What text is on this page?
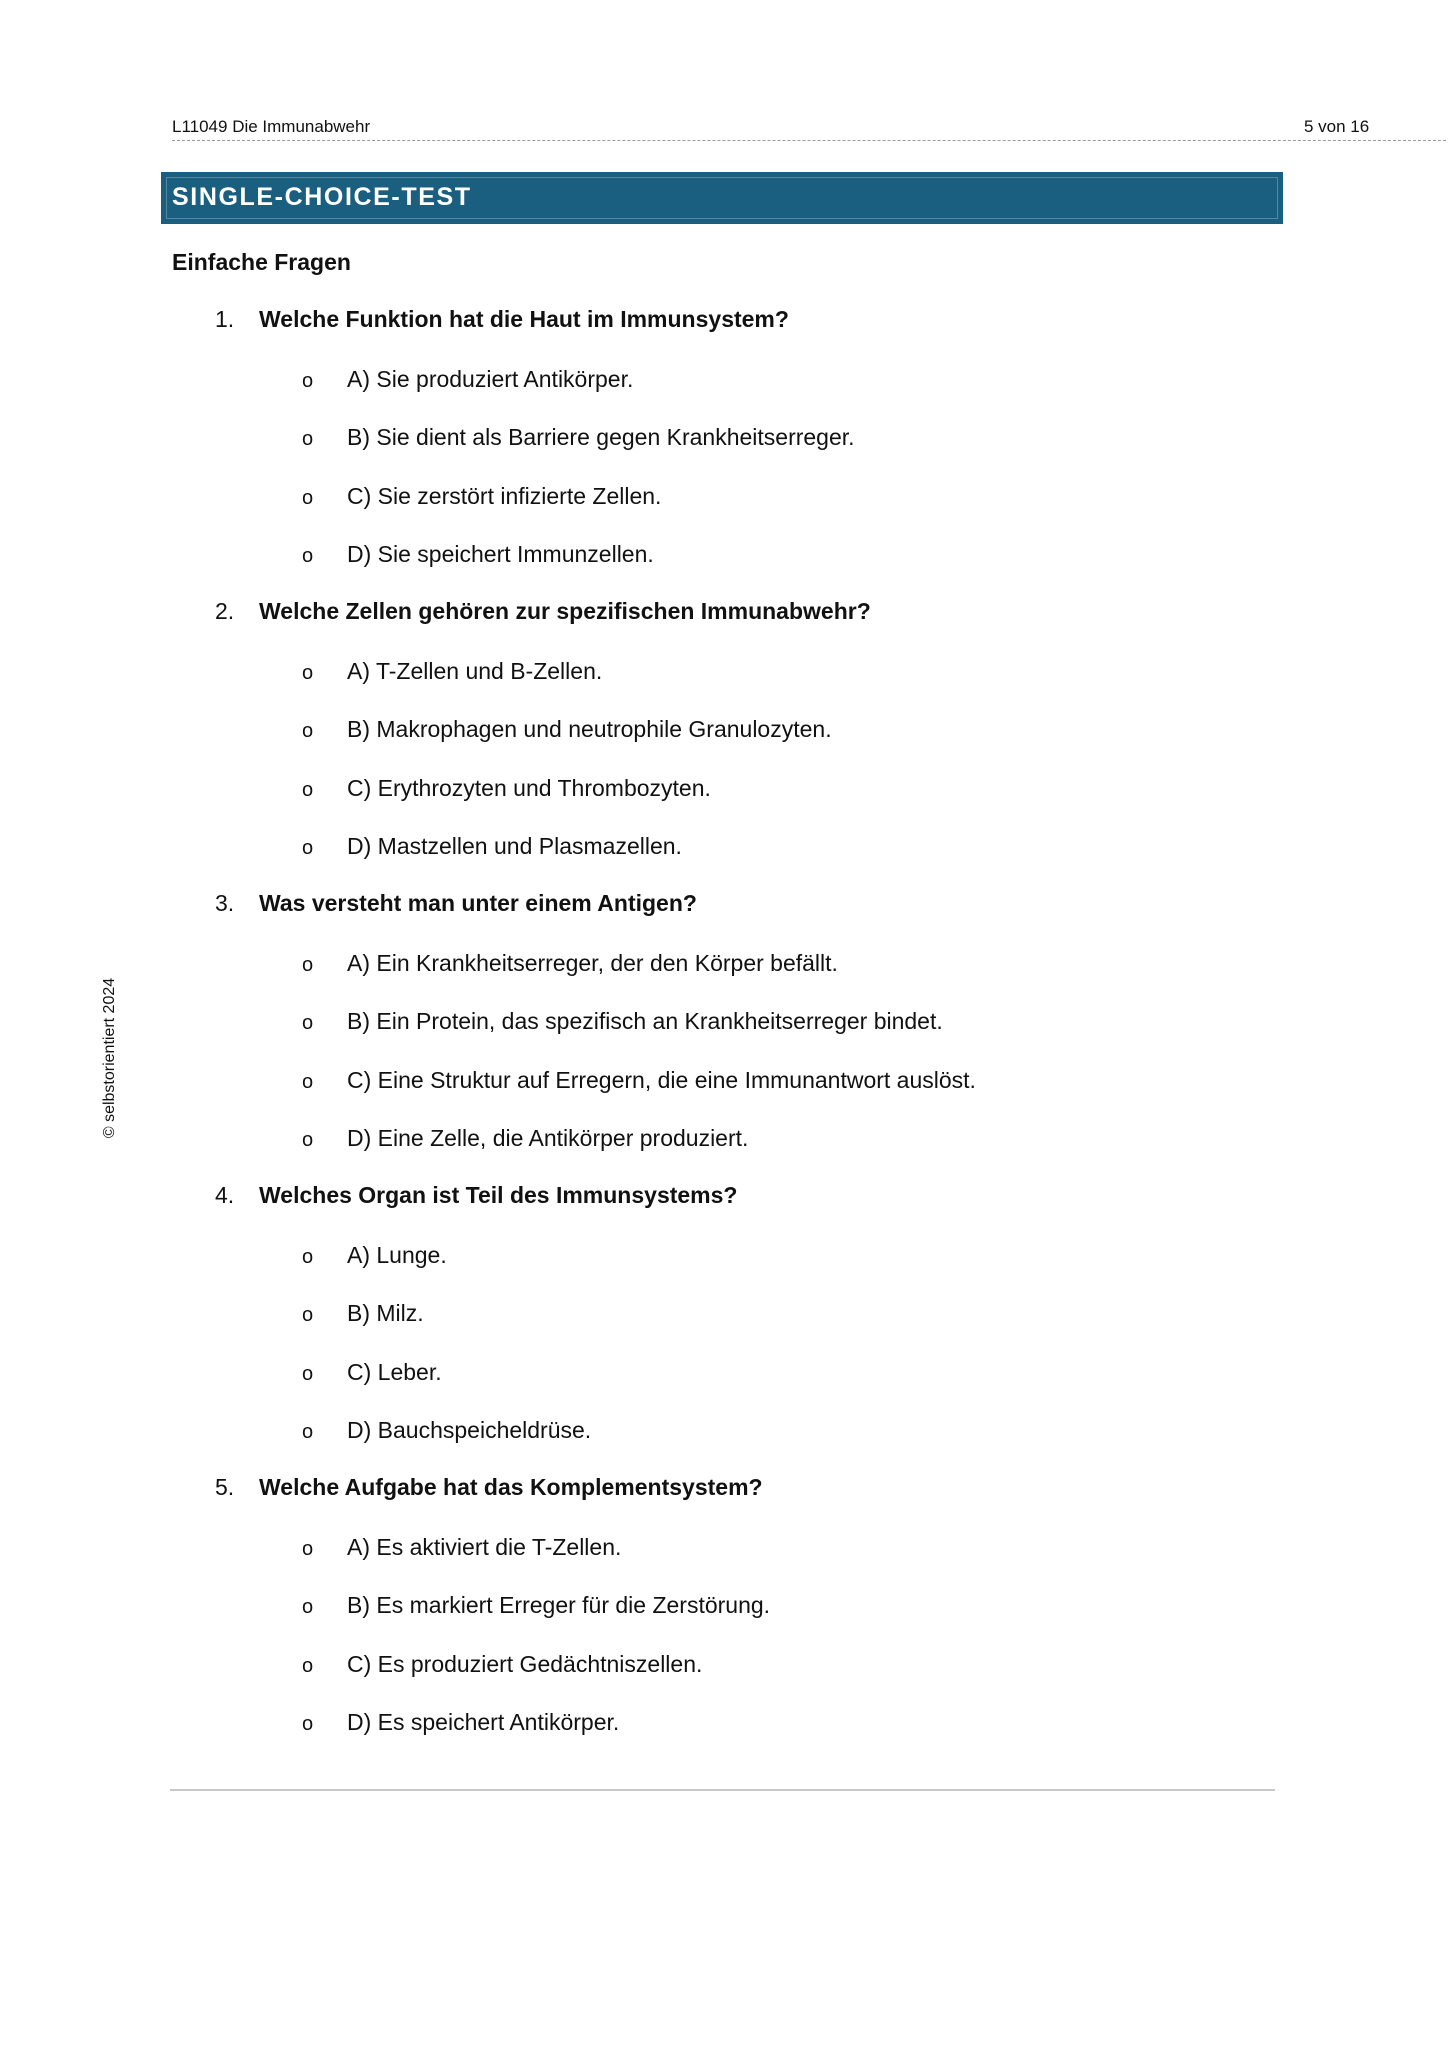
L11049 Die Immunabwehr	5 von 16
SINGLE-CHOICE-TEST
Einfache Fragen
1. Welche Funktion hat die Haut im Immunsystem?
o A) Sie produziert Antikörper.
o B) Sie dient als Barriere gegen Krankheitserreger.
o C) Sie zerstört infizierte Zellen.
o D) Sie speichert Immunzellen.
2. Welche Zellen gehören zur spezifischen Immunabwehr?
o A) T-Zellen und B-Zellen.
o B) Makrophagen und neutrophile Granulozyten.
o C) Erythrozyten und Thrombozyten.
o D) Mastzellen und Plasmazellen.
3. Was versteht man unter einem Antigen?
o A) Ein Krankheitserreger, der den Körper befällt.
o B) Ein Protein, das spezifisch an Krankheitserreger bindet.
o C) Eine Struktur auf Erregern, die eine Immunantwort auslöst.
o D) Eine Zelle, die Antikörper produziert.
4. Welches Organ ist Teil des Immunsystems?
o A) Lunge.
o B) Milz.
o C) Leber.
o D) Bauchspeicheldrüse.
5. Welche Aufgabe hat das Komplementsystem?
o A) Es aktiviert die T-Zellen.
o B) Es markiert Erreger für die Zerstörung.
o C) Es produziert Gedächtniszellen.
o D) Es speichert Antikörper.
© selbstorientiert 2024
